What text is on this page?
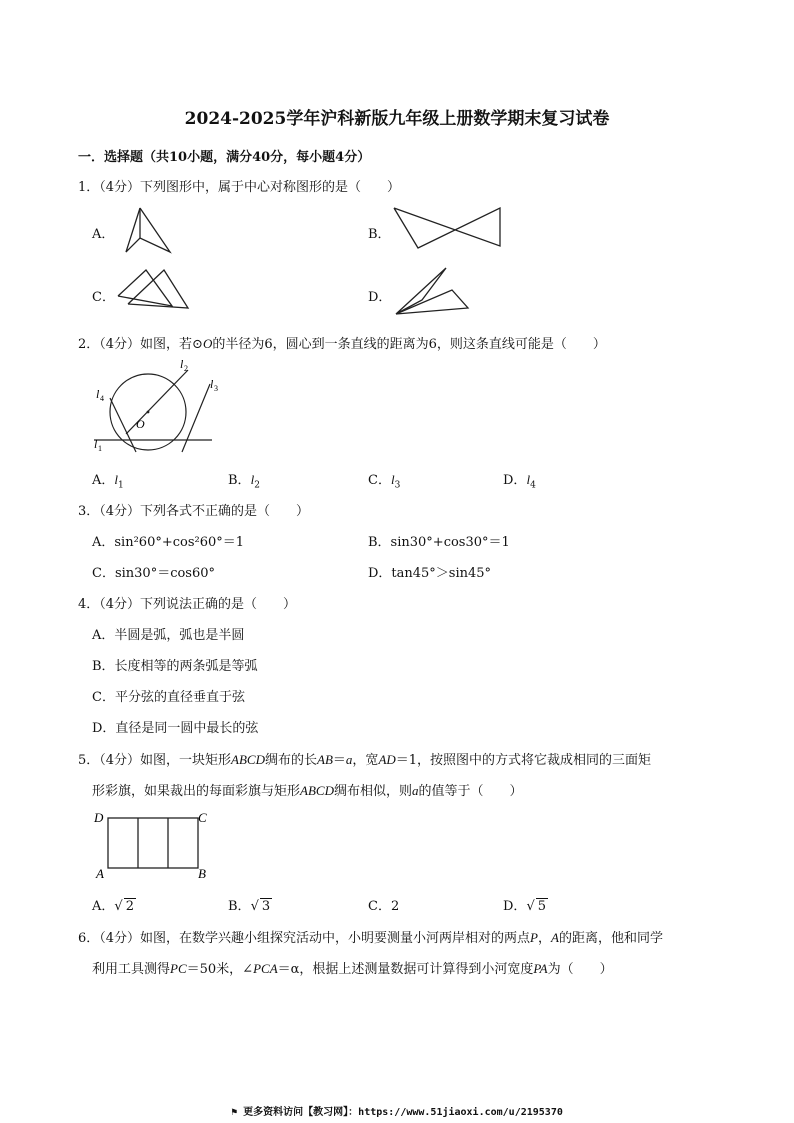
2024-2025学年沪科新版九年级上册数学期末复习试卷
一．选择题（共10小题，满分40分，每小题4分）
1．（4分）下列图形中，属于中心对称图形的是（　　）
A．	B．
C．	D．
2．（4分）如图，若⊙O的半径为6，圆心到一条直线的距离为6，则这条直线可能是（　　）
O
l 2
l 3
l 4
l 1
A．$l_1$	B．$l_2$	C．$l_3$	D．$l_4$
3．（4分）下列各式不正确的是（　　）
A．sin²60°+cos²60°＝1	B．sin30°+cos30°＝1
C．sin30°＝cos60°	D．tan45°＞sin45°
4．（4分）下列说法正确的是（　　）
A．半圆是弧，弧也是半圆
B．长度相等的两条弧是等弧
C．平分弦的直径垂直于弦
D．直径是同一圆中最长的弦
5．（4分）如图，一块矩形ABCD绸布的长AB＝a，宽AD＝1，按照图中的方式将它裁成相同的三面矩
形彩旗，如果裁出的每面彩旗与矩形ABCD绸布相似，则a的值等于（　　）
D	C
A	B
A．√ 2	B．√ 3	C．2	D．√ 5
6．（4分）如图，在数学兴趣小组探究活动中，小明要测量小河两岸相对的两点P，A的距离，他和同学
利用工具测得PC＝50米，∠PCA＝α，根据上述测量数据可计算得到小河宽度PA为（　　）
⚑ 更多资料访问【教习网】：https://www.51jiaoxi.com/u/2195370
